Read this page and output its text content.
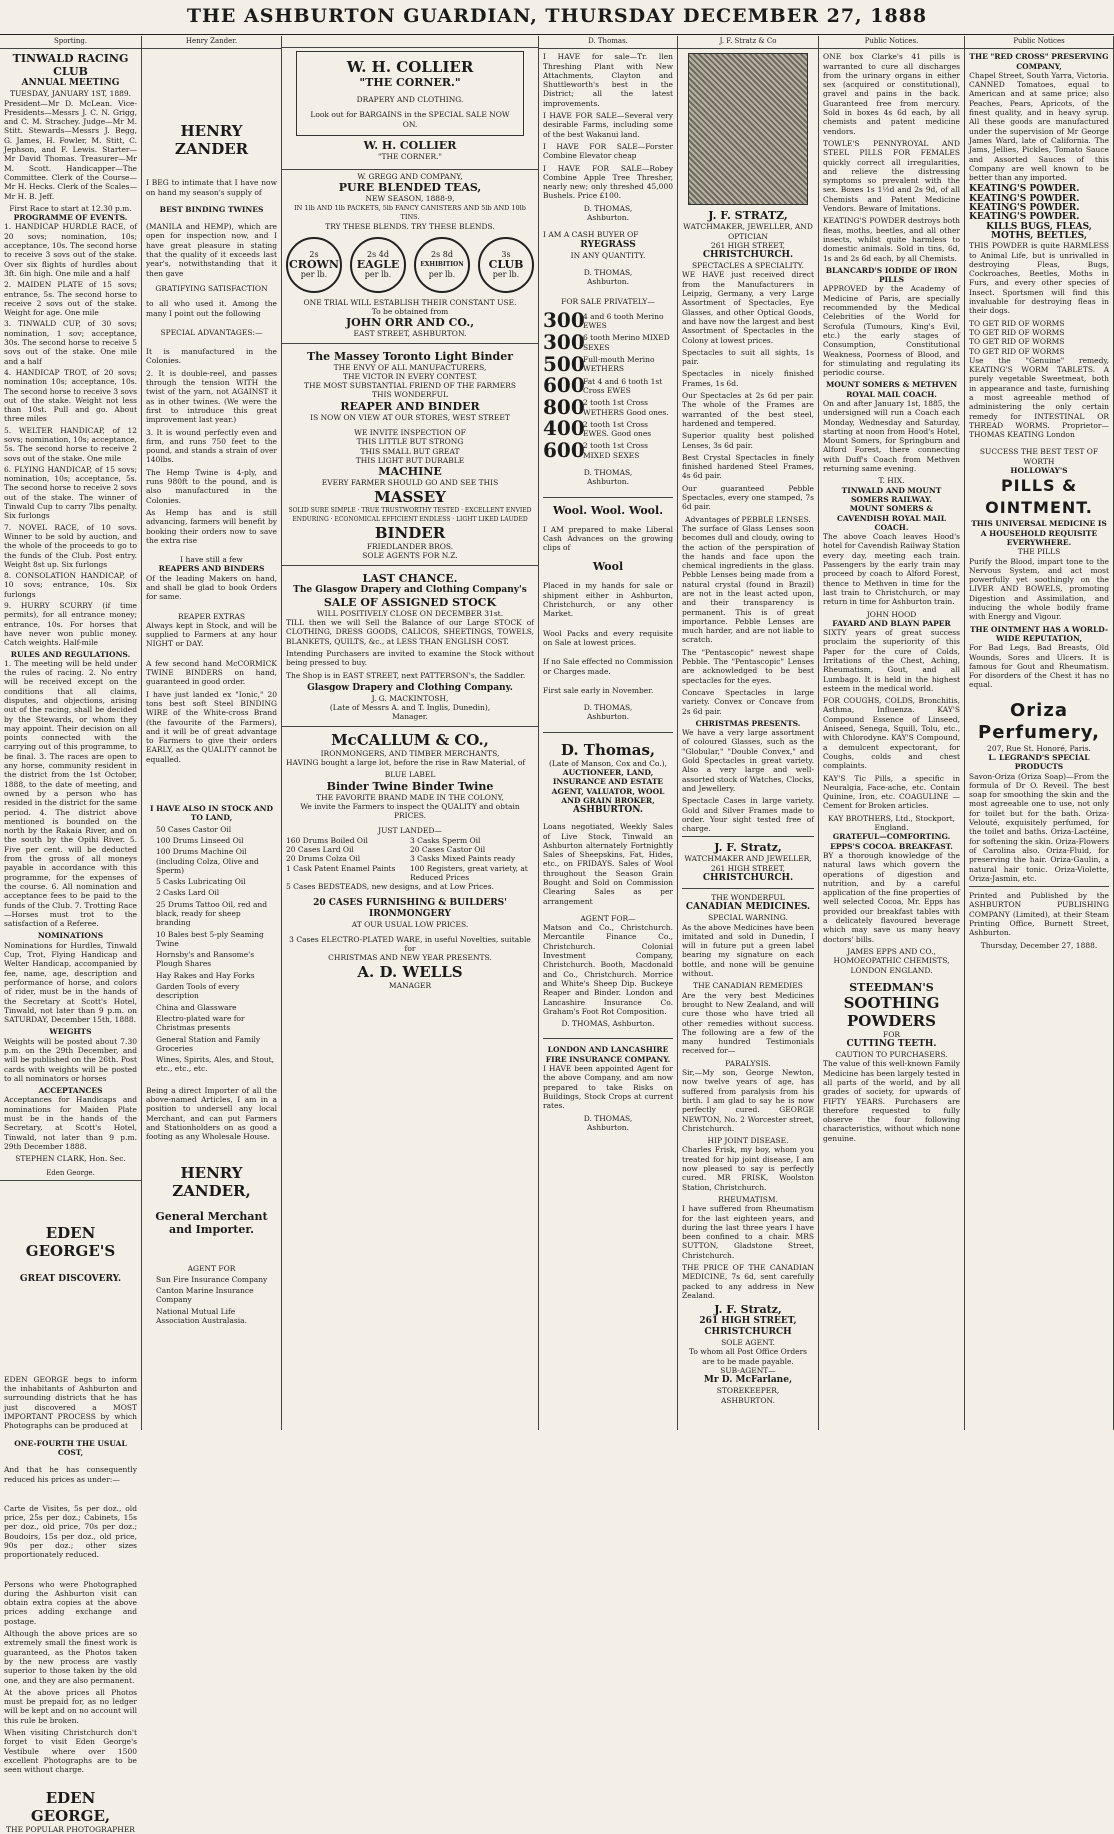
THE ASHBURTON GUARDIAN, THURSDAY DECEMBER 27, 1888
Sporting.
TINWALD RACING CLUB
ANNUAL MEETING
TUESDAY, JANUARY 1ST, 1889.

President—Mr D. McLean. Vice-Presidents—Messrs J. C. N. Grigg, and C. M. Strachey. Judge—Mr M. Stitt. Stewards—Messrs J. Begg, G. James, H. Fowler, M. Stitt, C. Jephson, and F. Lewis. Starter—Mr David Thomas. Treasurer—Mr M. Scott. Handicapper—The Committee. Clerk of the Course—Mr H. Hecks. Clerk of the Scales—Mr H. B. Jeff.

First Race to start at 12.30 p.m.
PROGRAMME OF EVENTS.

1. HANDICAP HURDLE RACE, of 20 sovs; nomination, 10s; acceptance, 10s. The second horse to receive 3 sovs out of the stake. Over six flights of hurdles about 3ft. 6in high. One mile and a half

2. MAIDEN PLATE of 15 sovs; entrance, 5s. The second horse to receive 2 sovs out of the stake. Weight for age. One mile

3. TINWALD CUP, of 30 sovs; nomination, 1 sov; acceptance, 30s. The second horse to receive 5 sovs out of the stake. One mile and a half

4. HANDICAP TROT, of 20 sovs; nomination 10s; acceptance, 10s. The second horse to receive 3 sovs out of the stake. Weight not less than 10st. Pull and go. About three miles

5. WELTER HANDICAP, of 12 sovs; nomination, 10s; acceptance, 5s. The second horse to receive 2 sovs out of the stake. One mile

6. FLYING HANDICAP, of 15 sovs; nomination, 10s; acceptance, 5s. The second horse to receive 2 sovs out of the stake. The winner of Tinwald Cup to carry 7lbs penalty. Six furlongs

7. NOVEL RACE, of 10 sovs. Winner to be sold by auction, and the whole of the proceeds to go to the funds of the Club. Post entry. Weight 8st up. Six furlongs

8. CONSOLATION HANDICAP, of 10 sovs; entrance, 10s. Six furlongs

9. HURRY SCURRY (if time permits), for all entrance money; entrance, 10s. For horses that have never won public money. Catch weights. Half-mile

RULES AND REGULATIONS.

1. The meeting will be held under the rules of racing. 2. No entry will be received except on the conditions that all claims, disputes, and objections, arising out of the racing, shall be decided by the Stewards, or whom they may appoint. Their decision on all points connected with the carrying out of this programme, to be final. 3. The races are open to any horse, community resident in the district from the 1st October, 1888, to the date of meeting, and owned by a person who has resided in the district for the same period. 4. The district above mentioned is bounded on the north by the Rakaia River, and on the south by the Opihi River. 5. Five per cent. will be deducted from the gross of all moneys payable in accordance with this programme, for the expenses of the course. 6. All nomination and acceptance fees to be paid to the funds of the Club. 7. Trotting Race—Horses must trot to the satisfaction of a Referee.

NOMINATIONS

Nominations for Hurdles, Tinwald Cup, Trot, Flying Handicap and Welter Handicap, accompanied by fee, name, age, description and performance of horse, and colors of rider, must be in the hands of the Secretary at Scott's Hotel, Tinwald, not later than 9 p.m. on SATURDAY, December 15th, 1888.

WEIGHTS

Weights will be posted about 7.30 p.m. on the 29th December, and will be published on the 26th. Post cards with weights will be posted to all nominators or horses

ACCEPTANCES

Acceptances for Handicaps and nominations for Maiden Plate must be in the hands of the Secretary, at Scott's Hotel, Tinwald, not later than 9 p.m. 29th December 1888.

STEPHEN CLARK, Hon. Sec.
Eden George.
EDEN GEORGE'S
GREAT DISCOVERY.

EDEN GEORGE begs to inform the inhabitants of Ashburton and surrounding districts that he has just discovered a MOST IMPORTANT PROCESS by which Photographs can be produced at

ONE-FOURTH THE USUAL COST,

And that he has consequently reduced his prices as under:—

Carte de Visites, 5s per doz., old price, 25s per doz.; Cabinets, 15s per doz., old price, 70s per doz.; Boudoirs, 15s per doz., old price, 90s per doz.; other sizes proportionately reduced.

Persons who were Photographed during the Ashburton visit can obtain extra copies at the above prices adding exchange and postage.

Although the above prices are so extremely small the finest work is guaranteed, as the Photos taken by the new process are vastly superior to those taken by the old one, and they are also permanent.

At the above prices all Photos must be prepaid for, as no ledger will be kept and on no account will this rule be broken.

When visiting Christchurch don't forget to visit Eden George's Vestibule where over 1500 excellent Photographs are to be seen without charge.

EDEN GEORGE,
THE POPULAR PHOTOGRAPHER
Henry Zander.
HENRY ZANDER

I BEG to intimate that I have now on hand my season's supply of

BEST BINDING TWINES

(MANILA and HEMP), which are open for inspection now, and I have great pleasure in stating that the quality of it exceeds last year's, notwithstanding that it then gave

GRATIFYING SATISFACTION

to all who used it. Among the many I point out the following

SPECIAL ADVANTAGES:—

It is manufactured in the Colonies.

2. It is double-reel, and passes through the tension WITH the twist of the yarn, not AGAINST it as in other twines. (We were the first to introduce this great improvement last year.)

3. It is wound perfectly even and firm, and runs 750 feet to the pound, and stands a strain of over 140lbs.

The Hemp Twine is 4-ply, and runs 980ft to the pound, and is also manufactured in the Colonies.

As Hemp has and is still advancing, farmers will benefit by booking their orders now to save the extra rise

I have still a few
REAPERS AND BINDERS

Of the leading Makers on hand, and shall be glad to book Orders for same.

REAPER EXTRAS

Always kept in Stock, and will be supplied to Farmers at any hour NIGHT or DAY.

A few second hand McCORMICK TWINE BINDERS on hand, guaranteed in good order.

I have just landed ex "Ionic," 20 tons best soft Steel BINDING WIRE of the White-cross Brand (the favourite of the Farmers), and it will be of great advantage to Farmers to give their orders EARLY, as the QUALITY cannot be equalled.

I HAVE ALSO IN STOCK AND TO LAND,
50 Cases Castor Oil
100 Drums Linseed Oil
100 Drums Machine Oil (including Colza, Olive and Sperm)
5 Casks Lubricating Oil
2 Casks Lard Oil
25 Drums Tattoo Oil, red and black, ready for sheep branding
10 Bales best 5-ply Seaming Twine
Hornsby's and Ransome's Plough Shares
Hay Rakes and Hay Forks
Garden Tools of every description
China and Glassware
Electro-plated ware for Christmas presents
General Station and Family Groceries
Wines, Spirits, Ales, and Stout, etc., etc., etc.

Being a direct Importer of all the above-named Articles, I am in a position to undersell any local Merchant, and can put Farmers and Stationholders on as good a footing as any Wholesale House.

HENRY ZANDER,
General Merchant and Importer.
AGENT FOR
Sun Fire Insurance Company
Canton Marine Insurance Company
National Mutual Life Association Australasia.
W. H. COLLIER
"THE CORNER."
DRAPERY AND CLOTHING.
Look out for BARGAINS in the SPECIAL SALE NOW ON.
W. H. COLLIER
"THE CORNER."
W. GREGG AND COMPANY,
PURE BLENDED TEAS,
NEW SEASON, 1888-9,
IN 1lb AND 1lb PACKETS, 5lb FANCY CANISTERS AND 5lb AND 10lb TINS.
TRY THESE BLENDS. TRY THESE BLENDS.
2s
CROWN
per lb.
2s 4d
EAGLE
per lb.
2s 8d
EXHIBITION
per lb.
3s
CLUB
per lb.
ONE TRIAL WILL ESTABLISH THEIR CONSTANT USE.
To be obtained from
JOHN ORR AND CO.,
EAST STREET, ASHBURTON.
The Massey Toronto Light Binder
THE ENVY OF ALL MANUFACTURERS,
THE VICTOR IN EVERY CONTEST.
THE MOST SUBSTANTIAL FRIEND OF THE FARMERS
THIS WONDERFUL
REAPER AND BINDER
IS NOW ON VIEW AT OUR STORES, WEST STREET
WE INVITE INSPECTION OF
THIS LITTLE BUT STRONG
THIS SMALL BUT GREAT
THIS LIGHT BUT DURABLE
MACHINE
EVERY FARMER SHOULD GO AND SEE THIS
MASSEY
SOLID SURE SIMPLE · TRUE TRUSTWORTHY TESTED · EXCELLENT ENVIED ENDURING · ECONOMICAL EFFICIENT ENDLESS · LIGHT LIKED LAUDED
BINDER
FRIEDLANDER BROS.
SOLE AGENTS FOR N.Z.
LAST CHANCE.
The Glasgow Drapery and Clothing Company's
SALE OF ASSIGNED STOCK
WILL POSITIVELY CLOSE ON DECEMBER 31st.

TILL then we will Sell the Balance of our Large STOCK of CLOTHING, DRESS GOODS, CALICOS, SHEETINGS, TOWELS, BLANKETS, QUILTS, &c., at LESS THAN ENGLISH COST.

Intending Purchasers are invited to examine the Stock without being pressed to buy.

The Shop is in EAST STREET, next PATTERSON's, the Saddler.

Glasgow Drapery and Clothing Company.
J. G. MACKINTOSH,
(Late of Messrs A. and T. Inglis, Dunedin),
Manager.
McCALLUM & CO.,
IRONMONGERS, AND TIMBER MERCHANTS,

HAVING bought a large lot, before the rise in Raw Material, of

BLUE LABEL
Binder Twine Binder Twine
THE FAVORITE BRAND MADE IN THE COLONY,
We invite the Farmers to inspect the QUALITY and obtain PRICES.
JUST LANDED—
160 Drums Boiled Oil	3 Casks Sperm Oil
20 Cases Lard Oil	20 Cases Castor Oil
20 Drums Colza Oil	3 Casks Mixed Paints ready
1 Cask Patent Enamel Paints	100 Registers, great variety, at Reduced Prices
5 Cases BEDSTEADS, new designs, and at Low Prices.
20 CASES FURNISHING & BUILDERS' IRONMONGERY
AT OUR USUAL LOW PRICES.
3 Cases ELECTRO-PLATED WARE, in useful Novelties, suitable for
CHRISTMAS AND NEW YEAR PRESENTS.
A. D. WELLS
MANAGER
D. Thomas.

I HAVE for sale—Tr. llen Threshing Plant with New Attachments, Clayton and Shuttleworth's best in the District; all the latest improvements.

I HAVE FOR SALE—Several very desirable Farms, including some of the best Wakanui land.

I HAVE FOR SALE—Forster Combine Elevator cheap

I HAVE FOR SALE—Robey Combine Apple Tree Thresher, nearly new; only threshed 45,000 Bushels. Price £100.

D. THOMAS,
Ashburton.
I AM A CASH BUYER OF
RYEGRASS
IN ANY QUANTITY.
D. THOMAS,
Ashburton.
FOR SALE PRIVATELY—
300
4 and 6 tooth Merino EWES
300
6 tooth Merino MIXED SEXES
500
Full-mouth Merino WETHERS
600
Fat 4 and 6 tooth 1st Cross EWES
800
2 tooth 1st Cross WETHERS Good ones.
400
2 tooth 1st Cross EWES. Good ones
600
2 tooth 1st Cross MIXED SEXES
D. THOMAS,
Ashburton.
Wool. Wool. Wool.

I AM prepared to make Liberal Cash Advances on the growing clips of

Wool

Placed in my hands for sale or shipment either in Ashburton, Christchurch, or any other Market.

Wool Packs and every requisite on Sale at lowest prices.

If no Sale effected no Commission or Charges made.

First sale early in November.

D. THOMAS,
Ashburton.
D. Thomas,
(Late of Manson, Cox and Co.),
AUCTIONEER, LAND, INSURANCE AND ESTATE AGENT, VALUATOR, WOOL AND GRAIN BROKER,
ASHBURTON.

Loans negotiated, Weekly Sales of Live Stock, Tinwald an Ashburton alternately Fortnightly Sales of Sheepskins, Fat, Hides, etc., on FRIDAYS. Sales of Wool throughout the Season Grain Bought and Sold on Commission Clearing Sales as per arrangement

AGENT FOR—

Matson and Co., Christchurch. Mercantile Finance Co., Christchurch. Colonial Investment Company, Christchurch. Booth, Macdonald and Co., Christchurch. Morrice and White's Sheep Dip. Buckeye Reaper and Binder. London and Lancashire Insurance Co. Graham's Foot Rot Composition.

D. THOMAS, Ashburton.
LONDON AND LANCASHIRE FIRE INSURANCE COMPANY.

I HAVE been appointed Agent for the above Company, and am now prepared to take Risks on Buildings, Stock Crops at current rates.

D. THOMAS,
Ashburton.
J. F. Stratz & Co
J. F. STRATZ,
WATCHMAKER, JEWELLER, AND OPTICIAN
261 HIGH STREET,
CHRISTCHURCH.
SPECTACLES A SPECIALITY.

WE HAVE just received direct from the Manufacturers in Leipzig, Germany, a very Large Assortment of Spectacles, Eye Glasses, and other Optical Goods, and have now the largest and best Assortment of Spectacles in the Colony at lowest prices.

Spectacles to suit all sights, 1s pair.

Spectacles in nicely finished Frames, 1s 6d.

Our Spectacles at 2s 6d per pair. The whole of the Frames are warranted of the best steel, hardened and tempered.

Superior quality best polished Lenses, 3s 6d pair.

Best Crystal Spectacles in finely finished hardened Steel Frames, 4s 6d pair.

Our guaranteed Pebble Spectacles, every one stamped, 7s 6d pair.

Advantages of PEBBLE LENSES.

The surface of Glass Lenses soon becomes dull and cloudy, owing to the action of the perspiration of the hands and face upon the chemical ingredients in the glass. Pebble Lenses being made from a natural crystal (found in Brazil) are not in the least acted upon, and their transparency is permanent. This is of great importance. Pebble Lenses are much harder, and are not liable to scratch.

The "Pentascopic" newest shape Pebble. The "Pentascopic" Lenses are acknowledged to be best spectacles for the eyes.

Concave Spectacles in large variety. Convex or Concave from 2s 6d pair.

CHRISTMAS PRESENTS.

We have a very large assortment of coloured Glasses, such as the "Globular," "Double Convex," and Gold Spectacles in great variety. Also a very large and well-assorted stock of Watches, Clocks, and Jewellery.

Spectacle Cases in large variety. Gold and Silver Frames made to order. Your sight tested free of charge.

J. F. Stratz,
WATCHMAKER AND JEWELLER,
261 HIGH STREET,
CHRISTCHURCH.
THE WONDERFUL
CANADIAN MEDICINES.
SPECIAL WARNING.

As the above Medicines have been imitated and sold in Dunedin, I will in future put a green label bearing my signature on each bottle, and none will be genuine without.

THE CANADIAN REMEDIES

Are the very best Medicines brought to New Zealand, and will cure those who have tried all other remedies without success. The following are a few of the many hundred Testimonials received for—

PARALYSIS.

Sir,—My son, George Newton, now twelve years of age, has suffered from paralysis from his birth. I am glad to say he is now perfectly cured. GEORGE NEWTON, No. 2 Worcester street, Christchurch.

HIP JOINT DISEASE.

Charles Frisk, my boy, whom you treated for hip joint disease, I am now pleased to say is perfectly cured. MR FRISK, Woolston Station, Christchurch.

RHEUMATISM.

I have suffered from Rheumatism for the last eighteen years, and during the last three years I have been confined to a chair. MRS SUTTON, Gladstone Street, Christchurch.

THE PRICE OF THE CANADIAN MEDICINE, 7s 6d, sent carefully packed to any address in New Zealand.

J. F. Stratz,
261 HIGH STREET,
CHRISTCHURCH
SOLE AGENT.
To whom all Post Office Orders are to be made payable.
SUB-AGENT—
Mr D. McFarlane,
STOREKEEPER,
ASHBURTON.
Public Notices.

ONE box Clarke's 41 pills is warranted to cure all discharges from the urinary organs in either sex (acquired or constitutional), gravel and pains in the back. Guaranteed free from mercury. Sold in boxes 4s 6d each, by all chemists and patent medicine vendors.

TOWLE'S PENNYROYAL AND STEEL PILLS FOR FEMALES quickly correct all irregularities, and relieve the distressing symptoms so prevalent with the sex. Boxes 1s 1½d and 2s 9d, of all Chemists and Patent Medicine Vendors. Beware of Imitations.

KEATING'S POWDER destroys both fleas, moths, beetles, and all other insects, whilst quite harmless to domestic animals. Sold in tins, 6d, 1s and 2s 6d each, by all Chemists.

BLANCARD'S IODIDE OF IRON PILLS

APPROVED by the Academy of Medicine of Paris, are specially recommended by the Medical Celebrities of the World for Scrofula (Tumours, King's Evil, etc.) the early stages of Consumption, Constitutional Weakness, Poorness of Blood, and for stimulating and regulating its periodic course.

MOUNT SOMERS & METHVEN ROYAL MAIL COACH.

On and after January 1st, 1885, the undersigned will run a Coach each Monday, Wednesday and Saturday, starting at noon from Hood's Hotel, Mount Somers, for Springburn and Alford Forest, there connecting with Duff's Coach from Methven returning same evening.

T. HIX.
TINWALD AND MOUNT SOMERS RAILWAY.
MOUNT SOMERS & CAVENDISH ROYAL MAIL COACH.

The above Coach leaves Hood's hotel for Cavendish Railway Station every day, meeting each train. Passengers by the early train may proceed by coach to Alford Forest, thence to Methven in time for the last train to Christchurch, or may return in time for Ashburton train.

JOHN HOOD
FAYARD AND BLAYN PAPER

SIXTY years of great success proclaim the superiority of this Paper for the cure of Colds, Irritations of the Chest, Aching, Rheumatism, Gout, and all Lumbago. It is held in the highest esteem in the medical world.

FOR COUGHS, COLDS, Bronchitis, Asthma, Influenza. KAY'S Compound Essence of Linseed, Aniseed, Senega, Squill, Tolu, etc., with Chlorodyne. KAY'S Compound, a demulcent expectorant, for Coughs, colds and chest complaints.

KAY'S Tic Pills, a specific in Neuralgia, Face-ache, etc. Contain Quinine, Iron, etc. COAGULINE — Cement for Broken articles.

KAY BROTHERS, Ltd., Stockport, England.
GRATEFUL—COMFORTING. EPPS'S COCOA. BREAKFAST.

BY a thorough knowledge of the natural laws which govern the operations of digestion and nutrition, and by a careful application of the fine properties of well selected Cocoa, Mr. Epps has provided our breakfast tables with a delicately flavoured beverage which may save us many heavy doctors' bills.

JAMES EPPS AND CO., HOMOEOPATHIC CHEMISTS, LONDON ENGLAND.
STEEDMAN'S
SOOTHING
POWDERS
FOR
CUTTING TEETH.
CAUTION TO PURCHASERS.

The value of this well-known Family Medicine has been largely tested in all parts of the world, and by all grades of society, for upwards of FIFTY YEARS. Purchasers are therefore requested to fully observe the four following characteristics, without which none genuine.

Public Notices
THE "RED CROSS" PRESERVING COMPANY,
Chapel Street, South Yarra, Victoria.

CANNED Tomatoes, equal to American and at same price; also Peaches, Pears, Apricots, of the finest quality, and in heavy syrup. All these goods are manufactured under the supervision of Mr George James Ward, late of California. The Jams, Jellies, Pickles, Tomato Sauce and Assorted Sauces of this Company are well known to be better than any imported.

KEATING'S POWDER.
KEATING'S POWDER.
KEATING'S POWDER.
KEATING'S POWDER.
KILLS BUGS, FLEAS, MOTHS, BEETLES,

THIS POWDER is quite HARMLESS to Animal Life, but is unrivalled in destroying Fleas, Bugs, Cockroaches, Beetles, Moths in Furs, and every other species of Insect. Sportsmen will find this invaluable for destroying fleas in their dogs.

TO GET RID OF WORMS
TO GET RID OF WORMS
TO GET RID OF WORMS
TO GET RID OF WORMS

Use the "Genuine" remedy, KEATING'S WORM TABLETS. A purely vegetable Sweetmeat, both in appearance and taste, furnishing a most agreeable method of administering the only certain remedy for INTESTINAL OR THREAD WORMS. Proprietor—THOMAS KEATING London

SUCCESS THE BEST TEST OF WORTH
HOLLOWAY'S
PILLS & OINTMENT.
THIS UNIVERSAL MEDICINE IS A HOUSEHOLD REQUISITE EVERYWHERE.
THE PILLS

Purify the Blood, impart tone to the Nervous System, and act most powerfully yet soothingly on the LIVER AND BOWELS, promoting Digestion and Assimilation, and inducing the whole bodily frame with Energy and Vigour.

THE OINTMENT HAS A WORLD-WIDE REPUTATION,

For Bad Legs, Bad Breasts, Old Wounds, Sores and Ulcers. It is famous for Gout and Rheumatism. For disorders of the Chest it has no equal.

Oriza Perfumery,
207, Rue St. Honoré, Paris.
L. LEGRAND'S SPECIAL PRODUCTS

Savon-Oriza (Oriza Soap)—From the formula of Dr O. Reveil. The best soap for smoothing the skin and the most agreeable one to use, not only for toilet but for the bath. Oriza-Velouté, exquisitely perfumed, for the toilet and baths. Oriza-Lactéine, for softening the skin. Oriza-Flowers of Carolina also. Oriza-Fluid, for preserving the hair. Oriza-Gaulin, a natural hair tonic. Oriza-Violette, Oriza-Jasmin, etc.

Printed and Published by the ASHBURTON PUBLISHING COMPANY (Limited), at their Steam Printing Office, Burnett Street, Ashburton.

Thursday, December 27, 1888.
